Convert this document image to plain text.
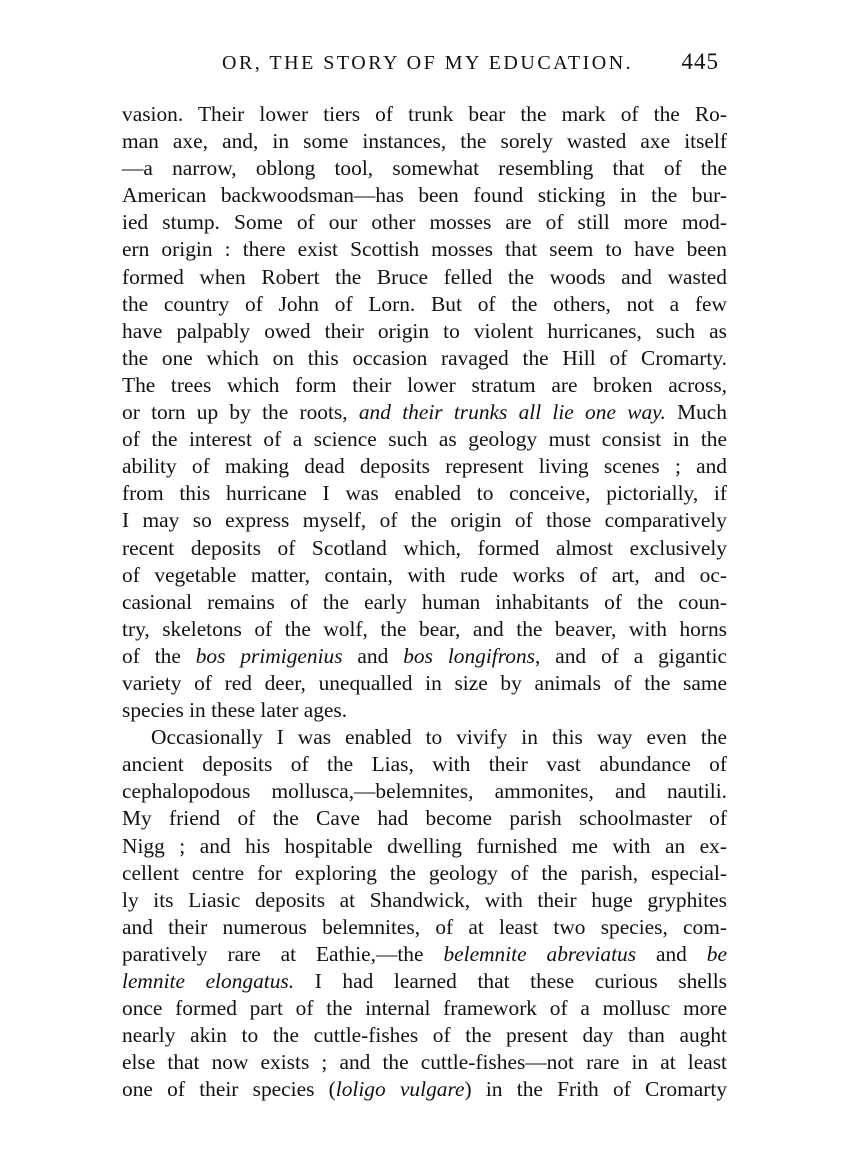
OR, THE STORY OF MY EDUCATION. 445
vasion. Their lower tiers of trunk bear the mark of the Ro-
man axe, and, in some instances, the sorely wasted axe itself
—a narrow, oblong tool, somewhat resembling that of the
American backwoodsman—has been found sticking in the bur-
ied stump. Some of our other mosses are of still more mod-
ern origin : there exist Scottish mosses that seem to have been
formed when Robert the Bruce felled the woods and wasted
the country of John of Lorn. But of the others, not a few
have palpably owed their origin to violent hurricanes, such as
the one which on this occasion ravaged the Hill of Cromarty.
The trees which form their lower stratum are broken across,
or torn up by the roots, and their trunks all lie one way. Much
of the interest of a science such as geology must consist in the
ability of making dead deposits represent living scenes ; and
from this hurricane I was enabled to conceive, pictorially, if
I may so express myself, of the origin of those comparatively
recent deposits of Scotland which, formed almost exclusively
of vegetable matter, contain, with rude works of art, and oc-
casional remains of the early human inhabitants of the coun-
try, skeletons of the wolf, the bear, and the beaver, with horns
of the bos primigenius and bos longifrons, and of a gigantic
variety of red deer, unequalled in size by animals of the same
species in these later ages.
Occasionally I was enabled to vivify in this way even the
ancient deposits of the Lias, with their vast abundance of
cephalopodous mollusca,—belemnites, ammonites, and nautili.
My friend of the Cave had become parish schoolmaster of
Nigg ; and his hospitable dwelling furnished me with an ex-
cellent centre for exploring the geology of the parish, especial-
ly its Liasic deposits at Shandwick, with their huge gryphites
and their numerous belemnites, of at least two species, com-
paratively rare at Eathie,—the belemnite abreviatus and be
lemnite elongatus. I had learned that these curious shells
once formed part of the internal framework of a mollusc more
nearly akin to the cuttle-fishes of the present day than aught
else that now exists ; and the cuttle-fishes—not rare in at least
one of their species (loligo vulgare) in the Frith of Cromarty
